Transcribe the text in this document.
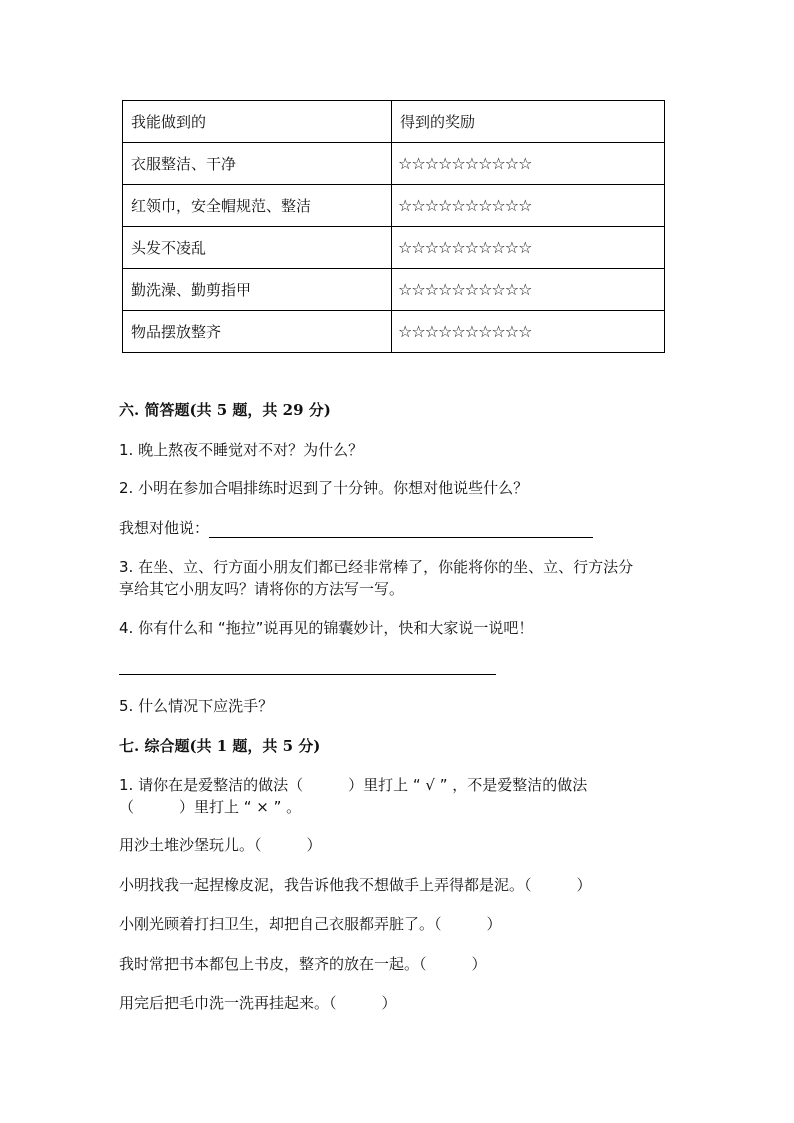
我能做到的	得到的奖励
衣服整洁、干净	☆☆☆☆☆☆☆☆☆☆
红领巾，安全帽规范、整洁	☆☆☆☆☆☆☆☆☆☆
头发不凌乱	☆☆☆☆☆☆☆☆☆☆
勤洗澡、勤剪指甲	☆☆☆☆☆☆☆☆☆☆
物品摆放整齐	☆☆☆☆☆☆☆☆☆☆
六. 简答题(共 5 题，共 29 分)
1. 晚上熬夜不睡觉对不对？为什么？
2. 小明在参加合唱排练时迟到了十分钟。你想对他说些什么？
我想对他说：
3. 在坐、立、行方面小朋友们都已经非常棒了，你能将你的坐、立、行方法分
享给其它小朋友吗？请将你的方法写一写。
4. 你有什么和 “拖拉”说再见的锦囊妙计，快和大家说一说吧！
5. 什么情况下应洗手？
七. 综合题(共 1 题，共 5 分)
1. 请你在是爱整洁的做法（　　　）里打上 “ √ ” ，不是爱整洁的做法
（　　　）里打上 “ × ” 。
用沙土堆沙堡玩儿。（　　　）
小明找我一起捏橡皮泥，我告诉他我不想做手上弄得都是泥。（　　　）
小刚光顾着打扫卫生，却把自己衣服都弄脏了。（　　　）
我时常把书本都包上书皮，整齐的放在一起。（　　　）
用完后把毛巾洗一洗再挂起来。（　　　）
